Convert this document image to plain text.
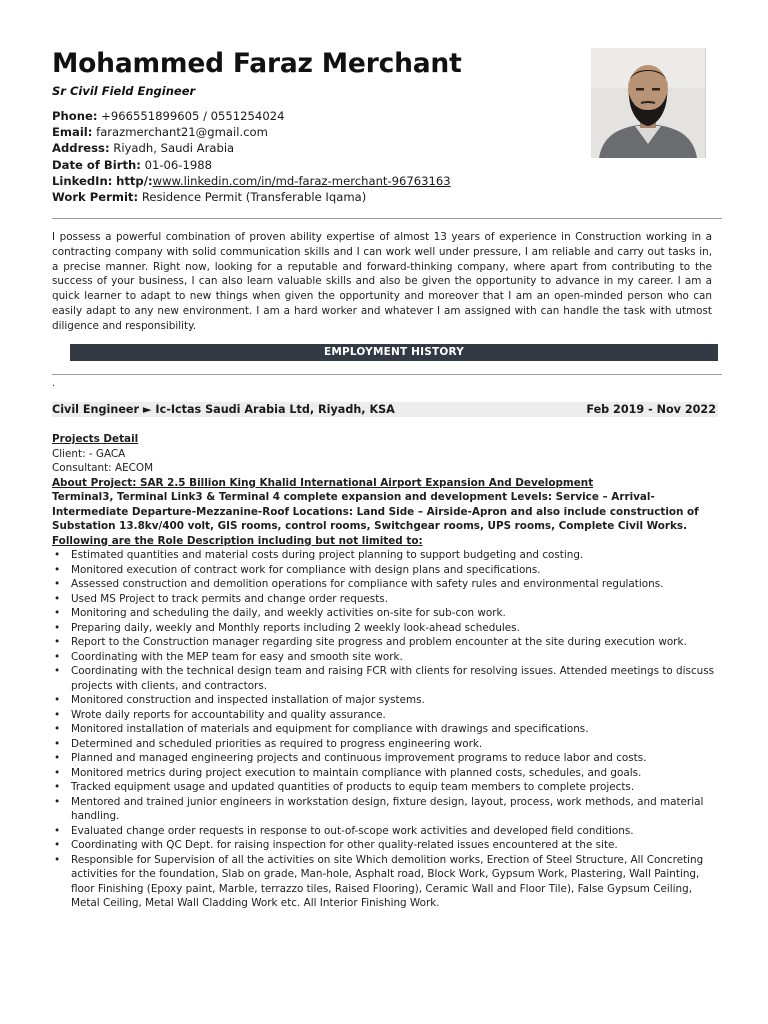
Mohammed Faraz Merchant
Sr Civil Field Engineer
Phone: +966551899605 / 0551254024
Email: farazmerchant21@gmail.com
Address: Riyadh, Saudi Arabia
Date of Birth: 01-06-1988
LinkedIn: http/:www.linkedin.com/in/md-faraz-merchant-96763163
Work Permit: Residence Permit (Transferable Iqama)
I possess a powerful combination of proven ability expertise of almost 13 years of experience in Construction working in a contracting company with solid communication skills and I can work well under pressure, I am reliable and carry out tasks in, a precise manner. Right now, looking for a reputable and forward-thinking company, where apart from contributing to the success of your business, I can also learn valuable skills and also be given the opportunity to advance in my career. I am a quick learner to adapt to new things when given the opportunity and moreover that I am an open-minded person who can easily adapt to any new environment. I am a hard worker and whatever I am assigned with can handle the task with utmost diligence and responsibility.
EMPLOYMENT HISTORY
.
Civil Engineer ► Ic-Ictas Saudi Arabia Ltd, Riyadh, KSA	Feb 2019 - Nov 2022
Projects Detail
Client: - GACA
Consultant: AECOM
About Project: SAR 2.5 Billion King Khalid International Airport Expansion And Development
Terminal3, Terminal Link3 & Terminal 4 complete expansion and development Levels: Service – Arrival- Intermediate Departure-Mezzanine-Roof Locations: Land Side – Airside-Apron and also include construction of Substation 13.8kv/400 volt, GIS rooms, control rooms, Switchgear rooms, UPS rooms, Complete Civil Works.
Following are the Role Description including but not limited to:
• Estimated quantities and material costs during project planning to support budgeting and costing.
• Monitored execution of contract work for compliance with design plans and specifications.
• Assessed construction and demolition operations for compliance with safety rules and environmental regulations.
• Used MS Project to track permits and change order requests.
• Monitoring and scheduling the daily, and weekly activities on-site for sub-con work.
• Preparing daily, weekly and Monthly reports including 2 weekly look-ahead schedules.
• Report to the Construction manager regarding site progress and problem encounter at the site during execution work.
• Coordinating with the MEP team for easy and smooth site work.
• Coordinating with the technical design team and raising FCR with clients for resolving issues. Attended meetings to discuss projects with clients, and contractors.
• Monitored construction and inspected installation of major systems.
• Wrote daily reports for accountability and quality assurance.
• Monitored installation of materials and equipment for compliance with drawings and specifications.
• Determined and scheduled priorities as required to progress engineering work.
• Planned and managed engineering projects and continuous improvement programs to reduce labor and costs.
• Monitored metrics during project execution to maintain compliance with planned costs, schedules, and goals.
• Tracked equipment usage and updated quantities of products to equip team members to complete projects.
• Mentored and trained junior engineers in workstation design, fixture design, layout, process, work methods, and material handling.
• Evaluated change order requests in response to out-of-scope work activities and developed field conditions.
• Coordinating with QC Dept. for raising inspection for other quality-related issues encountered at the site.
• Responsible for Supervision of all the activities on site Which demolition works, Erection of Steel Structure, All Concreting activities for the foundation, Slab on grade, Man-hole, Asphalt road, Block Work, Gypsum Work, Plastering, Wall Painting, floor Finishing (Epoxy paint, Marble, terrazzo tiles, Raised Flooring), Ceramic Wall and Floor Tile), False Gypsum Ceiling, Metal Ceiling, Metal Wall Cladding Work etc. All Interior Finishing Work.
